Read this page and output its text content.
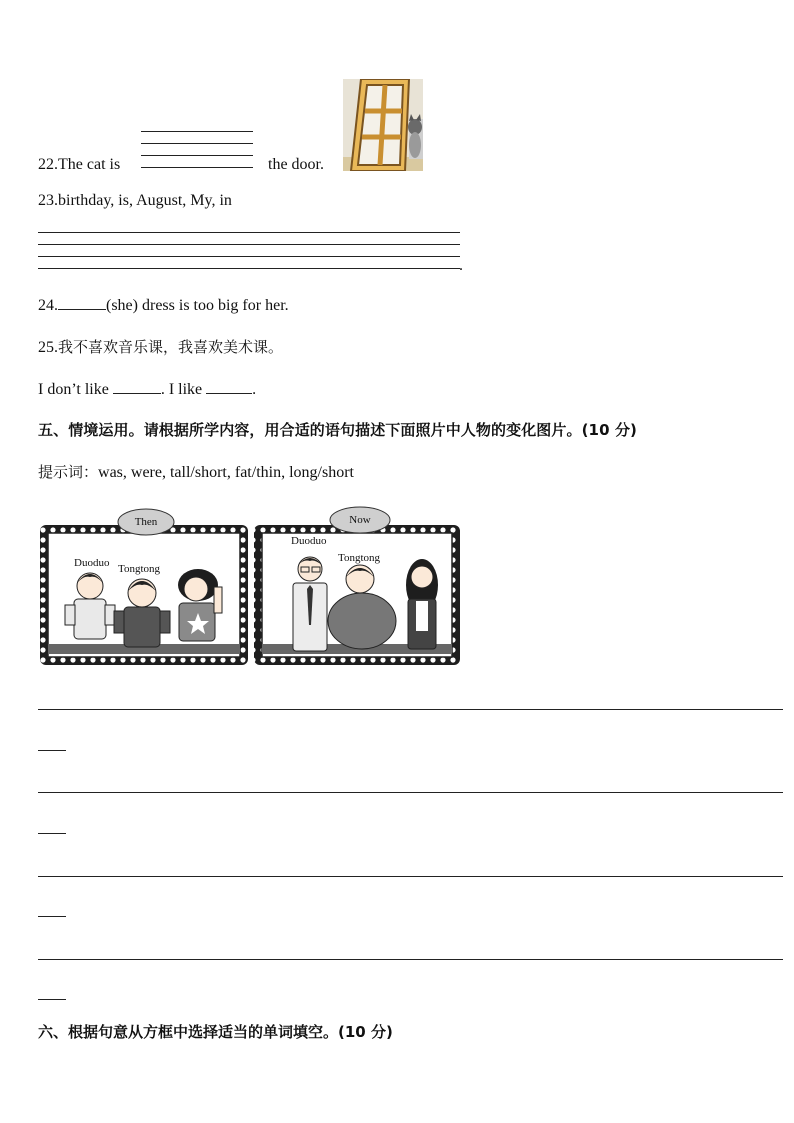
22.The cat is	the door.
23.birthday, is, August, My, in
.
24.	(she) dress is too big for her.
25.我不喜欢音乐课，我喜欢美术课。
I don’t like	. I like	.
五、情境运用。请根据所学内容，用合适的语句描述下面照片中人物的变化图片。(10 分)
提示词：was, were, tall/short, fat/thin, long/short
Then
Duoduo Tongtong
Now
Duoduo
Tongtong
六、根据句意从方框中选择适当的单词填空。(10 分)
